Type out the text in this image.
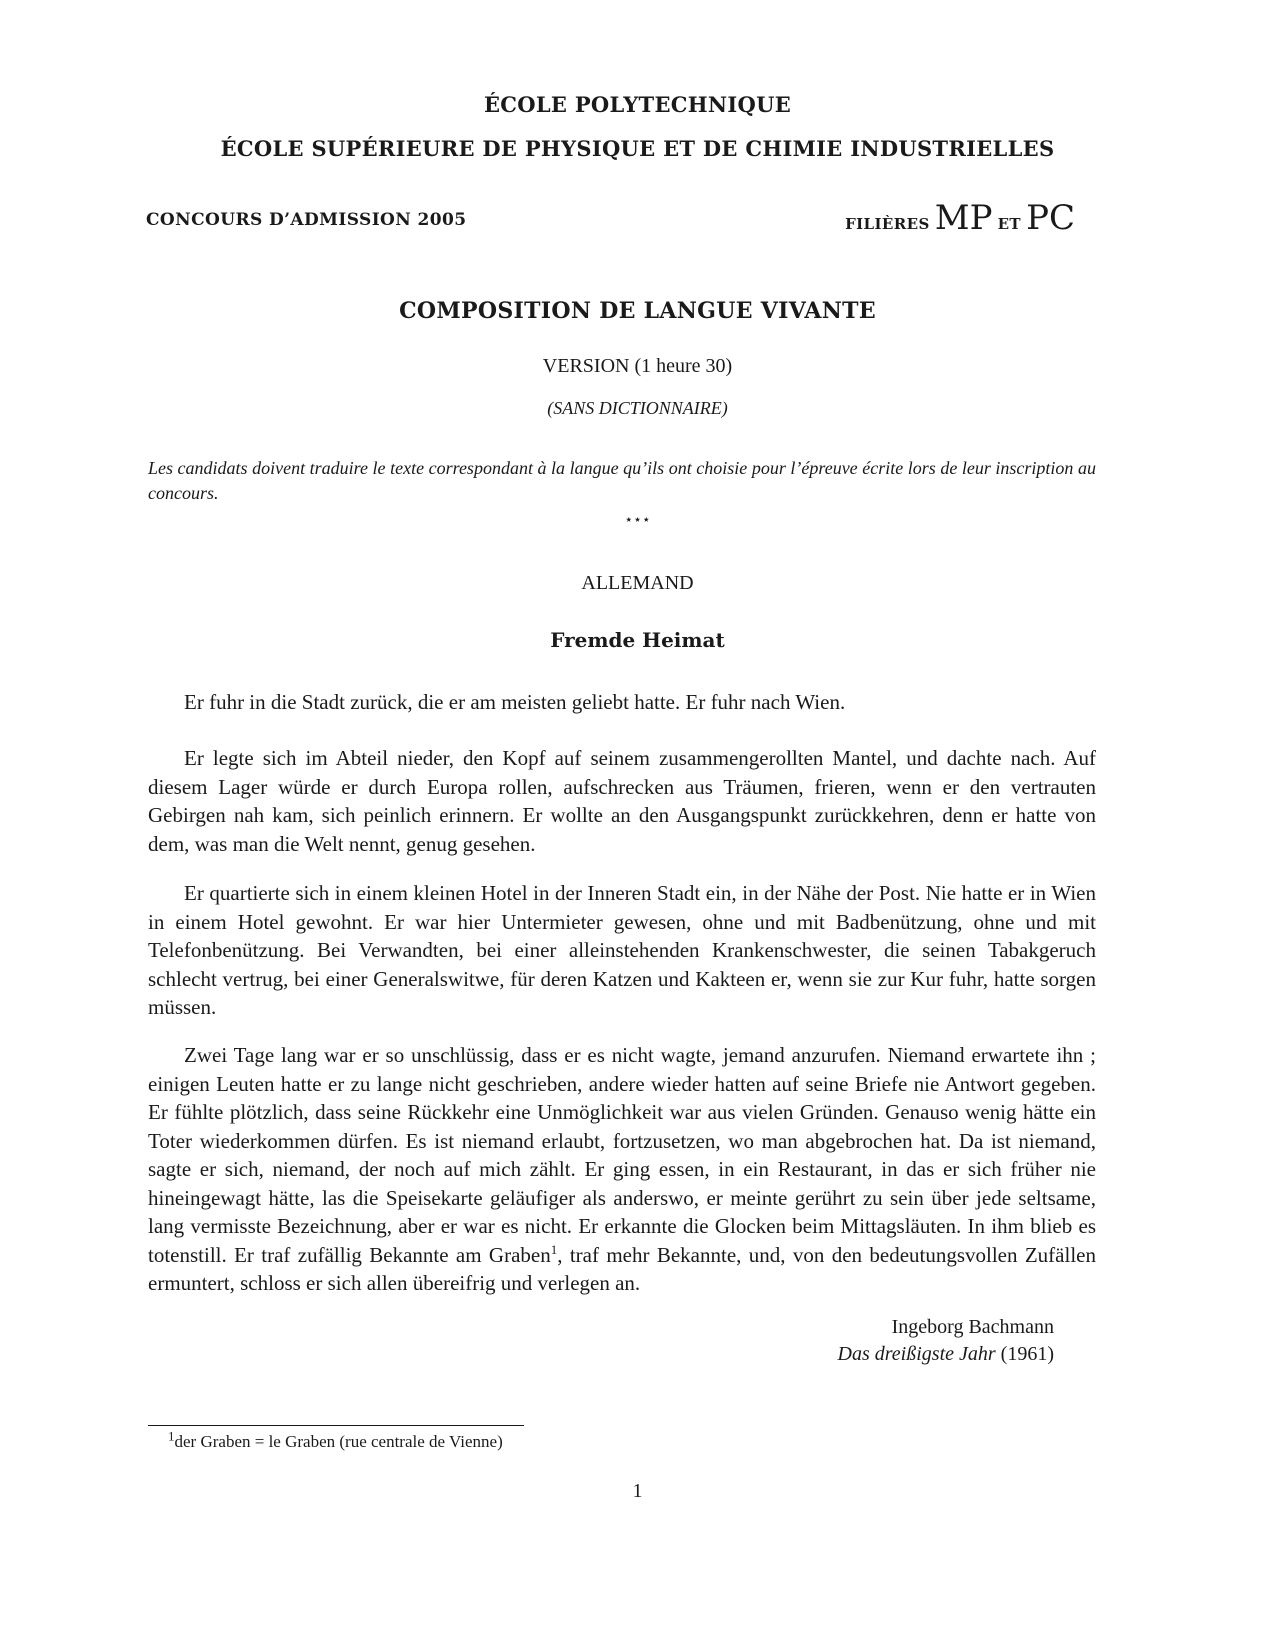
ÉCOLE POLYTECHNIQUE
ÉCOLE SUPÉRIEURE DE PHYSIQUE ET DE CHIMIE INDUSTRIELLES
CONCOURS D’ADMISSION 2005	FILIÈRES MP ET PC
COMPOSITION DE LANGUE VIVANTE
VERSION (1 heure 30)
(SANS DICTIONNAIRE)
Les candidats doivent traduire le texte correspondant à la langue qu’ils ont choisie pour l’épreuve écrite lors de leur inscription au concours.
⋆⋆⋆
ALLEMAND
Fremde Heimat

Er fuhr in die Stadt zurück, die er am meisten geliebt hatte. Er fuhr nach Wien.

Er legte sich im Abteil nieder, den Kopf auf seinem zusammengerollten Mantel, und dachte nach. Auf diesem Lager würde er durch Europa rollen, aufschrecken aus Träumen, frieren, wenn er den vertrauten Gebirgen nah kam, sich peinlich erinnern. Er wollte an den Ausgangspunkt zurückkehren, denn er hatte von dem, was man die Welt nennt, genug gesehen.

Er quartierte sich in einem kleinen Hotel in der Inneren Stadt ein, in der Nähe der Post. Nie hatte er in Wien in einem Hotel gewohnt. Er war hier Untermieter gewesen, ohne und mit Badbenützung, ohne und mit Telefonbenützung. Bei Verwandten, bei einer alleinstehenden Krankenschwester, die seinen Tabakgeruch schlecht vertrug, bei einer Generalswitwe, für deren Katzen und Kakteen er, wenn sie zur Kur fuhr, hatte sorgen müssen.

Zwei Tage lang war er so unschlüssig, dass er es nicht wagte, jemand anzurufen. Niemand erwartete ihn ; einigen Leuten hatte er zu lange nicht geschrieben, andere wieder hatten auf seine Briefe nie Antwort gegeben. Er fühlte plötzlich, dass seine Rückkehr eine Unmöglichkeit war aus vielen Gründen. Genauso wenig hätte ein Toter wiederkommen dürfen. Es ist niemand erlaubt, fortzusetzen, wo man abgebrochen hat. Da ist niemand, sagte er sich, niemand, der noch auf mich zählt. Er ging essen, in ein Restaurant, in das er sich früher nie hineingewagt hätte, las die Speisekarte geläufiger als anderswo, er meinte gerührt zu sein über jede seltsame, lang vermisste Bezeichnung, aber er war es nicht. Er erkannte die Glocken beim Mittagsläuten. In ihm blieb es totenstill. Er traf zufällig Bekannte am Graben$^1$, traf mehr Bekannte, und, von den bedeutungsvollen Zufällen ermuntert, schloss er sich allen übereifrig und verlegen an.

Ingeborg Bachmann
Das dreißigste Jahr (1961)
$^1$der Graben = le Graben (rue centrale de Vienne)
1
